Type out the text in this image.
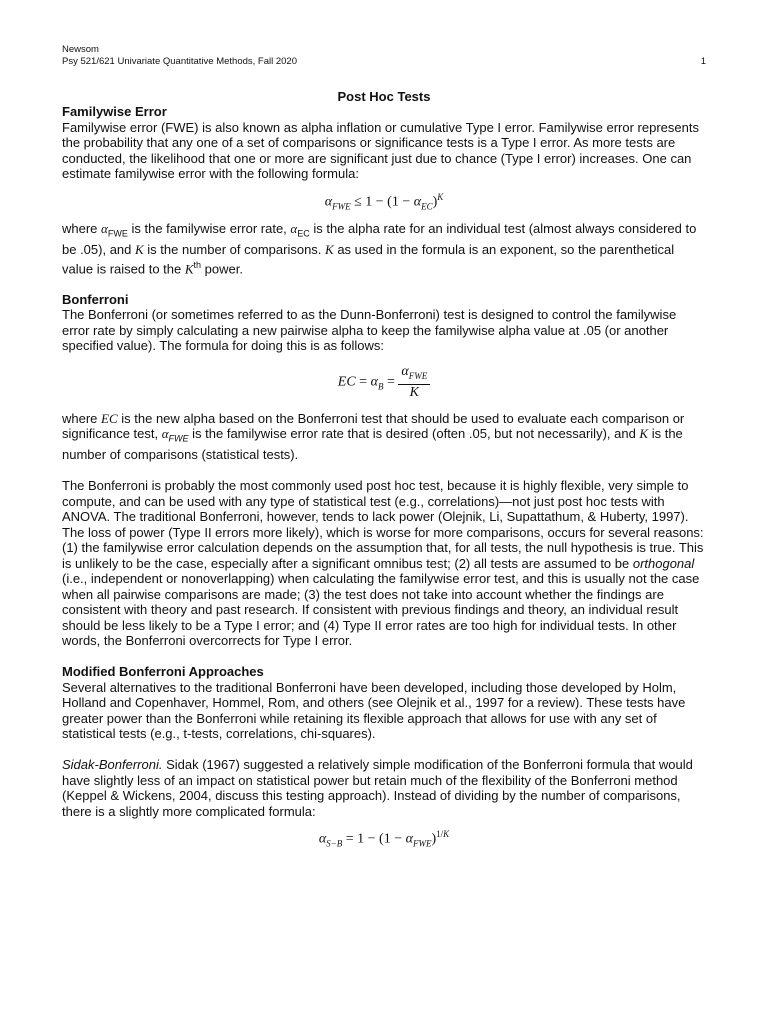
Newsom
Psy 521/621 Univariate Quantitative Methods, Fall 2020	1
Post Hoc Tests
Familywise Error

Familywise error (FWE) is also known as alpha inflation or cumulative Type I error. Familywise error represents the probability that any one of a set of comparisons or significance tests is a Type I error. As more tests are conducted, the likelihood that one or more are significant just due to chance (Type I error) increases. One can estimate familywise error with the following formula:

$\alpha_{FWE} \le 1 - (1 - \alpha_{EC})^K$

where $\alpha_{FWE}$ is the familywise error rate, $\alpha_{EC}$ is the alpha rate for an individual test (almost always considered to be .05), and K is the number of comparisons. K as used in the formula is an exponent, so the parenthetical value is raised to the $K^{th}$ power.

Bonferroni

The Bonferroni (or sometimes referred to as the Dunn-Bonferroni) test is designed to control the familywise error rate by simply calculating a new pairwise alpha to keep the familywise alpha value at .05 (or another specified value). The formula for doing this is as follows:

EC = $\alpha_B = \frac{\alpha_{FWE}}{K}$

where EC is the new alpha based on the Bonferroni test that should be used to evaluate each comparison or significance test, $\alpha_{FWE}$ is the familywise error rate that is desired (often .05, but not necessarily), and K is the number of comparisons (statistical tests).

The Bonferroni is probably the most commonly used post hoc test, because it is highly flexible, very simple to compute, and can be used with any type of statistical test (e.g., correlations)—not just post hoc tests with ANOVA. The traditional Bonferroni, however, tends to lack power (Olejnik, Li, Supattathum, & Huberty, 1997). The loss of power (Type II errors more likely), which is worse for more comparisons, occurs for several reasons: (1) the familywise error calculation depends on the assumption that, for all tests, the null hypothesis is true. This is unlikely to be the case, especially after a significant omnibus test; (2) all tests are assumed to be orthogonal (i.e., independent or nonoverlapping) when calculating the familywise error test, and this is usually not the case when all pairwise comparisons are made; (3) the test does not take into account whether the findings are consistent with theory and past research. If consistent with previous findings and theory, an individual result should be less likely to be a Type I error; and (4) Type II error rates are too high for individual tests. In other words, the Bonferroni overcorrects for Type I error.

Modified Bonferroni Approaches

Several alternatives to the traditional Bonferroni have been developed, including those developed by Holm, Holland and Copenhaver, Hommel, Rom, and others (see Olejnik et al., 1997 for a review). These tests have greater power than the Bonferroni while retaining its flexible approach that allows for use with any set of statistical tests (e.g., t-tests, correlations, chi-squares).

Sidak-Bonferroni. Sidak (1967) suggested a relatively simple modification of the Bonferroni formula that would have slightly less of an impact on statistical power but retain much of the flexibility of the Bonferroni method (Keppel & Wickens, 2004, discuss this testing approach). Instead of dividing by the number of comparisons, there is a slightly more complicated formula:

$\alpha_{S-B} = 1 - (1 - \alpha_{FWE})^{1/K}$
